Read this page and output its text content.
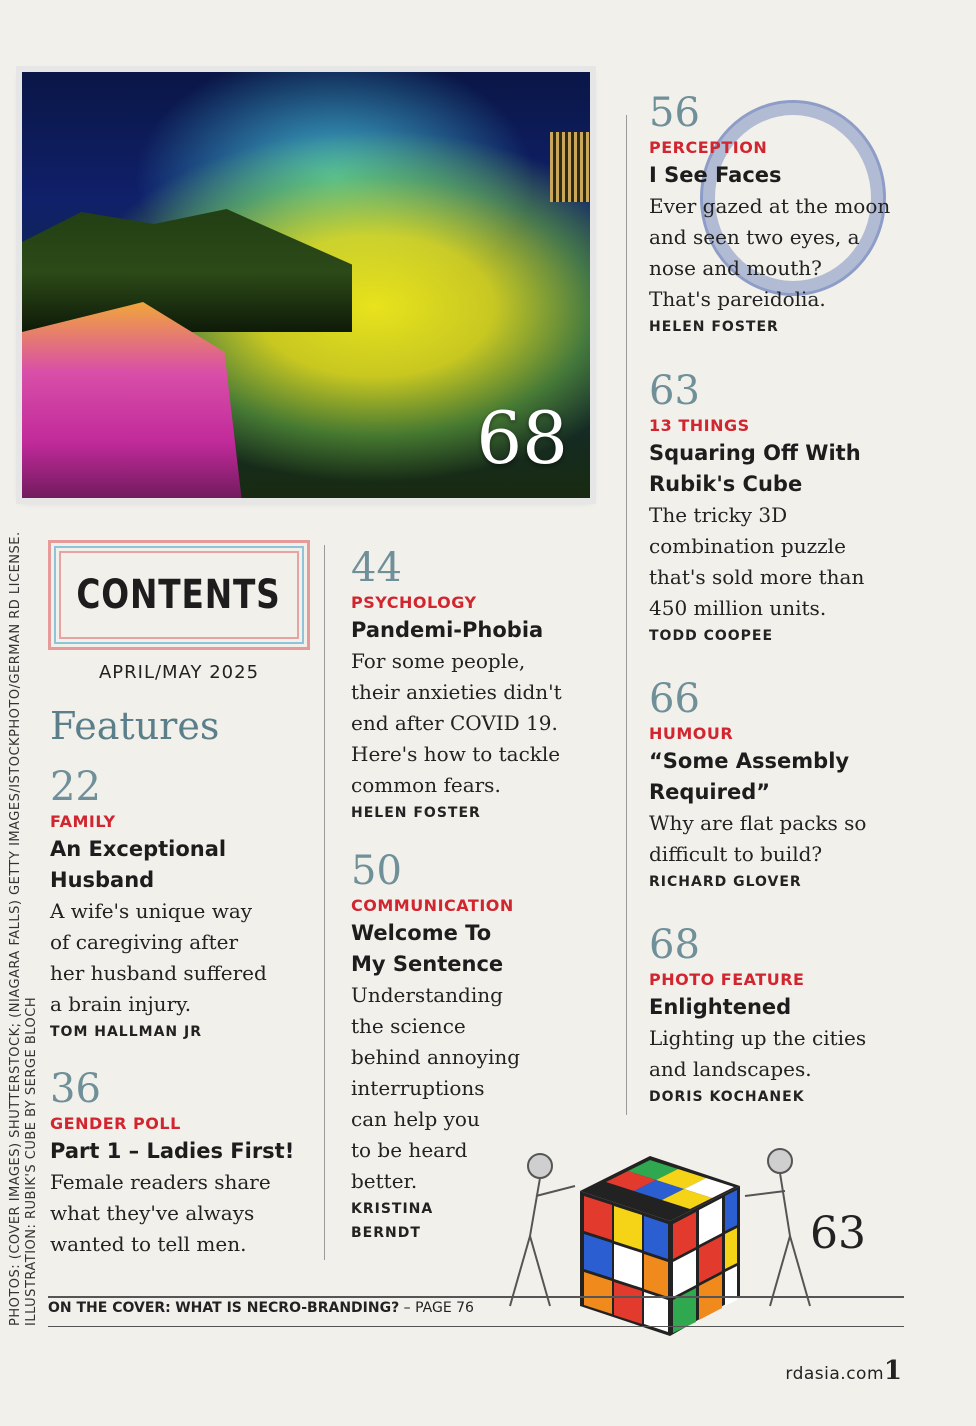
68
PHOTOS: (COVER IMAGES) SHUTTERSTOCK; (NIAGARA FALLS) GETTY IMAGES/ISTOCKPHOTO/GERMAN RD LICENSE. ILLUSTRATION: RUBIK'S CUBE BY SERGE BLOCH
CONTENTS
APRIL/MAY 2025
Features
22
FAMILY
An Exceptional
Husband
A wife's unique way
of caregiving after
her husband suffered
a brain injury.
TOM HALLMAN JR
36
GENDER POLL
Part 1 – Ladies First!
Female readers share
what they've always
wanted to tell men.
44
PSYCHOLOGY
Pandemi-Phobia
For some people,
their anxieties didn't
end after COVID 19.
Here's how to tackle
common fears.
HELEN FOSTER
50
COMMUNICATION
Welcome To
My Sentence
Understanding
the science
behind annoying
interruptions
can help you
to be heard
better.
KRISTINA
BERNDT
56
PERCEPTION
I See Faces
Ever gazed at the moon
and seen two eyes, a
nose and mouth?
That's pareidolia.
HELEN FOSTER
63
13 THINGS
Squaring Off With
Rubik's Cube
The tricky 3D
combination puzzle
that's sold more than
450 million units.
TODD COOPEE
66
HUMOUR
“Some Assembly
Required”
Why are flat packs so
difficult to build?
RICHARD GLOVER
68
PHOTO FEATURE
Enlightened
Lighting up the cities
and landscapes.
DORIS KOCHANEK
63
ON THE COVER: WHAT IS NECRO-BRANDING? – PAGE 76
rdasia.com 1
